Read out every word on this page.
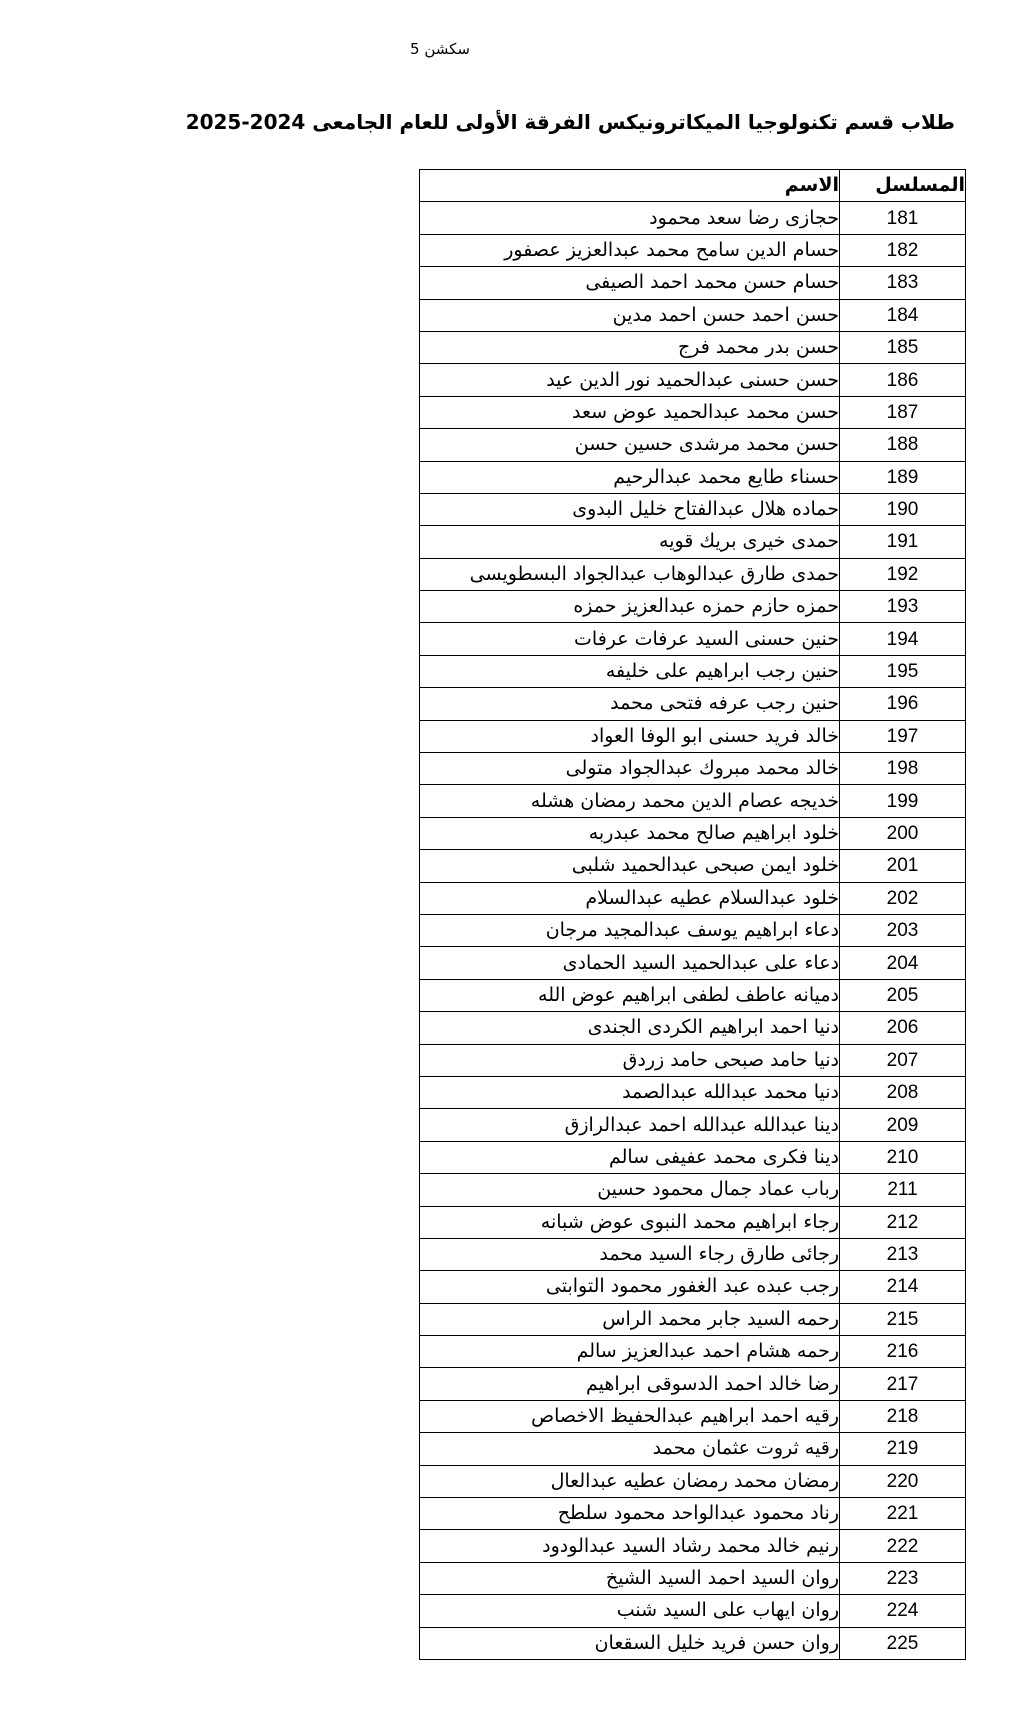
سكشن 5
طلاب قسم تكنولوجيا الميكاترونيكس الفرقة الأولى للعام الجامعى 2024-2025
المسلسل	الاسم
181	حجازى رضا سعد محمود
182	حسام الدين سامح محمد عبدالعزيز عصفور
183	حسام حسن محمد احمد الصيفى
184	حسن احمد حسن احمد مدين
185	حسن بدر محمد فرج
186	حسن حسنى عبدالحميد نور الدين عيد
187	حسن محمد عبدالحميد عوض سعد
188	حسن محمد مرشدى حسين حسن
189	حسناء طايع محمد عبدالرحيم
190	حماده هلال عبدالفتاح خليل البدوى
191	حمدى خيرى بريك قويه
192	حمدى طارق عبدالوهاب عبدالجواد البسطويسى
193	حمزه حازم حمزه عبدالعزيز حمزه
194	حنين حسنى السيد عرفات عرفات
195	حنين رجب ابراهيم على خليفه
196	حنين رجب عرفه فتحى محمد
197	خالد فريد حسنى ابو الوفا العواد
198	خالد محمد مبروك عبدالجواد متولى
199	خديجه عصام الدين محمد رمضان هشله
200	خلود ابراهيم صالح محمد عبدربه
201	خلود ايمن صبحى عبدالحميد شلبى
202	خلود عبدالسلام عطيه عبدالسلام
203	دعاء ابراهيم يوسف عبدالمجيد مرجان
204	دعاء على عبدالحميد السيد الحمادى
205	دميانه عاطف لطفى ابراهيم عوض الله
206	دنيا احمد ابراهيم الكردى الجندى
207	دنيا حامد صبحى حامد زردق
208	دنيا محمد عبدالله عبدالصمد
209	دينا عبدالله عبدالله احمد عبدالرازق
210	دينا فكرى محمد عفيفى سالم
211	رباب عماد جمال محمود حسين
212	رجاء ابراهيم محمد النبوى عوض شبانه
213	رجائى طارق رجاء السيد محمد
214	رجب عبده عبد الغفور محمود التوابتى
215	رحمه السيد جابر محمد الراس
216	رحمه هشام احمد عبدالعزيز سالم
217	رضا خالد احمد الدسوقى ابراهيم
218	رقيه احمد ابراهيم عبدالحفيظ الاخصاص
219	رقيه ثروت عثمان محمد
220	رمضان محمد رمضان عطيه عبدالعال
221	رناد محمود عبدالواحد محمود سلطح
222	رنيم خالد محمد رشاد السيد عبدالودود
223	روان السيد احمد السيد الشيخ
224	روان ايهاب على السيد شنب
225	روان حسن فريد خليل السقعان
